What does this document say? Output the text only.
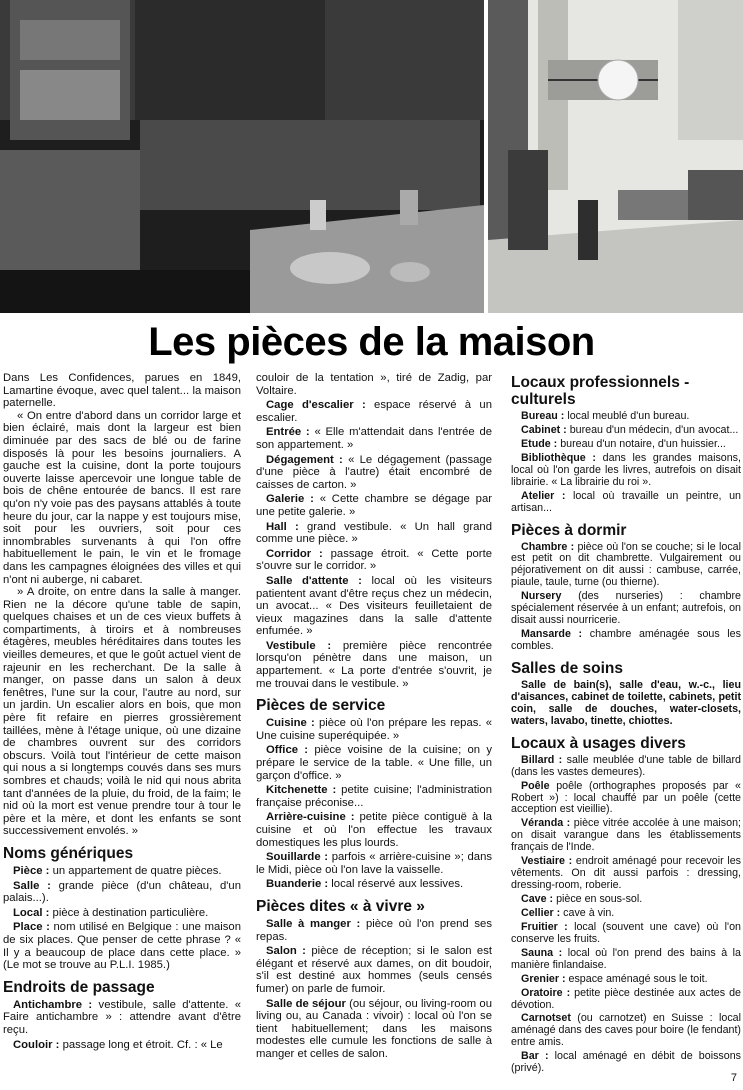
Les pièces de la maison

Dans Les Confidences, parues en 1849, Lamartine évoque, avec quel talent... la maison paternelle.

« On entre d'abord dans un corridor large et bien éclairé, mais dont la largeur est bien diminuée par des sacs de blé ou de farine disposés là pour les besoins journaliers. A gauche est la cuisine, dont la porte toujours ouverte laisse apercevoir une longue table de bois de chêne entourée de bancs. Il est rare qu'on n'y voie pas des paysans attablés à toute heure du jour, car la nappe y est toujours mise, soit pour les ouvriers, soit pour ces innombrables survenants à qui l'on offre habituellement le pain, le vin et le fromage dans les campagnes éloignées des villes et qui n'ont ni auberge, ni cabaret.

» A droite, on entre dans la salle à manger. Rien ne la décore qu'une table de sapin, quelques chaises et un de ces vieux buffets à compartiments, à tiroirs et à nombreuses étagères, meubles héréditaires dans toutes les vieilles demeures, et que le goût actuel vient de rajeunir en les recherchant. De la salle à manger, on passe dans un salon à deux fenêtres, l'une sur la cour, l'autre au nord, sur un jardin. Un escalier alors en bois, que mon père fit refaire en pierres grossièrement taillées, mène à l'étage unique, où une dizaine de chambres ouvrent sur des corridors obscurs. Voilà tout l'intérieur de cette maison qui nous a si longtemps couvés dans ses murs sombres et chauds; voilà le nid qui nous abrita tant d'années de la pluie, du froid, de la faim; le nid où la mort est venue prendre tour à tour le père et la mère, et dont les enfants se sont successivement envolés. »

Noms génériques

Pièce : un appartement de quatre pièces.

Salle : grande pièce (d'un château, d'un palais...).

Local : pièce à destination particulière.

Place : nom utilisé en Belgique : une maison de six places. Que penser de cette phrase ? « Il y a beaucoup de place dans cette place. » (Le mot se trouve au P.L.I. 1985.)

Endroits de passage

Antichambre : vestibule, salle d'attente. « Faire antichambre » : attendre avant d'être reçu.

Couloir : passage long et étroit. Cf. : « Le

couloir de la tentation », tiré de Zadig, par Voltaire.

Cage d'escalier : espace réservé à un escalier.

Entrée : « Elle m'attendait dans l'entrée de son appartement. »

Dégagement : « Le dégagement (passage d'une pièce à l'autre) était encombré de caisses de carton. »

Galerie : « Cette chambre se dégage par une petite galerie. »

Hall : grand vestibule. « Un hall grand comme une pièce. »

Corridor : passage étroit. « Cette porte s'ouvre sur le corridor. »

Salle d'attente : local où les visiteurs patientent avant d'être reçus chez un médecin, un avocat... « Des visiteurs feuilletaient de vieux magazines dans la salle d'attente enfumée. »

Vestibule : première pièce rencontrée lorsqu'on pénètre dans une maison, un appartement. « La porte d'entrée s'ouvrit, je me trouvai dans le vestibule. »

Pièces de service

Cuisine : pièce où l'on prépare les repas. « Une cuisine superéquipée. »

Office : pièce voisine de la cuisine; on y prépare le service de la table. « Une fille, un garçon d'office. »

Kitchenette : petite cuisine; l'administration française préconise...

Arrière-cuisine : petite pièce contiguë à la cuisine et où l'on effectue les travaux domestiques les plus lourds.

Souillarde : parfois « arrière-cuisine »; dans le Midi, pièce où l'on lave la vaisselle.

Buanderie : local réservé aux lessives.

Pièces dites « à vivre »

Salle à manger : pièce où l'on prend ses repas.

Salon : pièce de réception; si le salon est élégant et réservé aux dames, on dit boudoir, s'il est destiné aux hommes (seuls censés fumer) on parle de fumoir.

Salle de séjour (ou séjour, ou living-room ou living ou, au Canada : vivoir) : local où l'on se tient habituellement; dans les maisons modestes elle cumule les fonctions de salle à manger et celles de salon.

Locaux professionnels - culturels

Bureau : local meublé d'un bureau.

Cabinet : bureau d'un médecin, d'un avocat...

Etude : bureau d'un notaire, d'un huissier...

Bibliothèque : dans les grandes maisons, local où l'on garde les livres, autrefois on disait librairie. « La librairie du roi ».

Atelier : local où travaille un peintre, un artisan...

Pièces à dormir

Chambre : pièce où l'on se couche; si le local est petit on dit chambrette. Vulgairement ou péjorativement on dit aussi : cambuse, carrée, piaule, taule, turne (ou thierne).

Nursery (des nurseries) : chambre spécialement réservée à un enfant; autrefois, on disait aussi nourricerie.

Mansarde : chambre aménagée sous les combles.

Salles de soins

Salle de bain(s), salle d'eau, w.-c., lieu d'aisances, cabinet de toilette, cabinets, petit coin, salle de douches, water-closets, waters, lavabo, tinette, chiottes.

Locaux à usages divers

Billard : salle meublée d'une table de billard (dans les vastes demeures).

Poêle poêle (orthographes proposés par « Robert ») : local chauffé par un poêle (cette acception est vieillie).

Véranda : pièce vitrée accolée à une maison; on disait varangue dans les établissements français de l'Inde.

Vestiaire : endroit aménagé pour recevoir les vêtements. On dit aussi parfois : dressing, dressing-room, roberie.

Cave : pièce en sous-sol.

Cellier : cave à vin.

Fruitier : local (souvent une cave) où l'on conserve les fruits.

Sauna : local où l'on prend des bains à la manière finlandaise.

Grenier : espace aménagé sous le toit.

Oratoire : petite pièce destinée aux actes de dévotion.

Carnotset (ou carnotzet) en Suisse : local aménagé dans des caves pour boire (le fendant) entre amis.

Bar : local aménagé en débit de boissons (privé).

7
